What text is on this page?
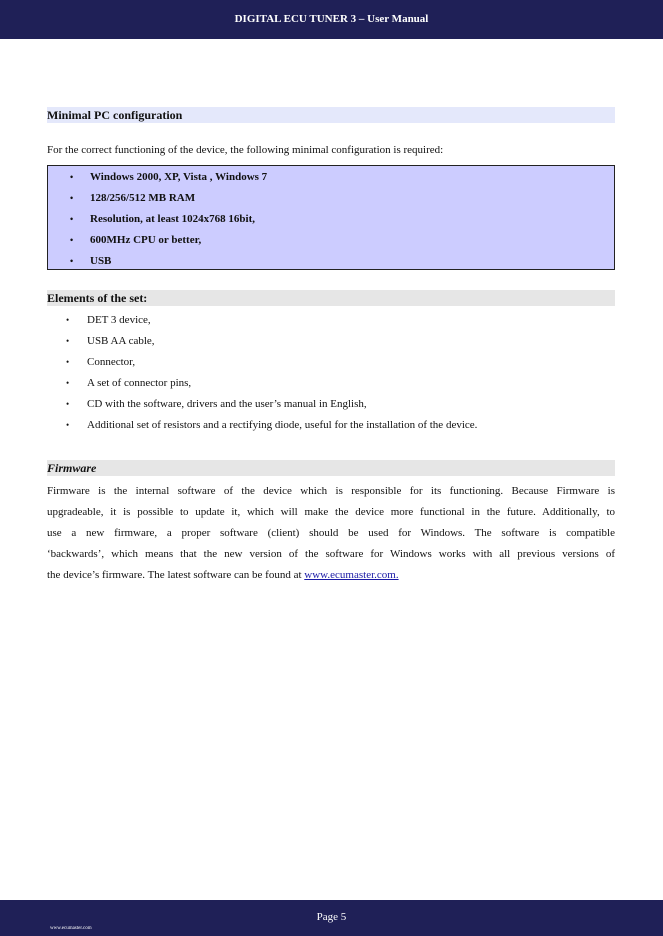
DIGITAL ECU TUNER 3 – User Manual
Minimal PC configuration
For the correct functioning of the device, the following minimal configuration is required:
• Windows 2000, XP, Vista , Windows 7
• 128/256/512 MB RAM
• Resolution, at least 1024x768 16bit,
• 600MHz CPU or better,
• USB
Elements of the set:
• DET 3 device,
• USB AA cable,
• Connector,
• A set of connector pins,
• CD with the software, drivers and the user’s manual in English,
• Additional set of resistors and a rectifying diode, useful for the installation of the device.
Firmware
Firmware is the internal software of the device which is responsible for its functioning. Because Firmware is
upgradeable, it is possible to update it, which will make the device more functional in the future. Additionally, to
use a new firmware, a proper software (client) should be used for Windows. The software is compatible
‘backwards’, which means that the new version of the software for Windows works with all previous versions of
the device’s firmware. The latest software can be found at www.ecumaster.com.
Page 5
www.ecumaster.com
